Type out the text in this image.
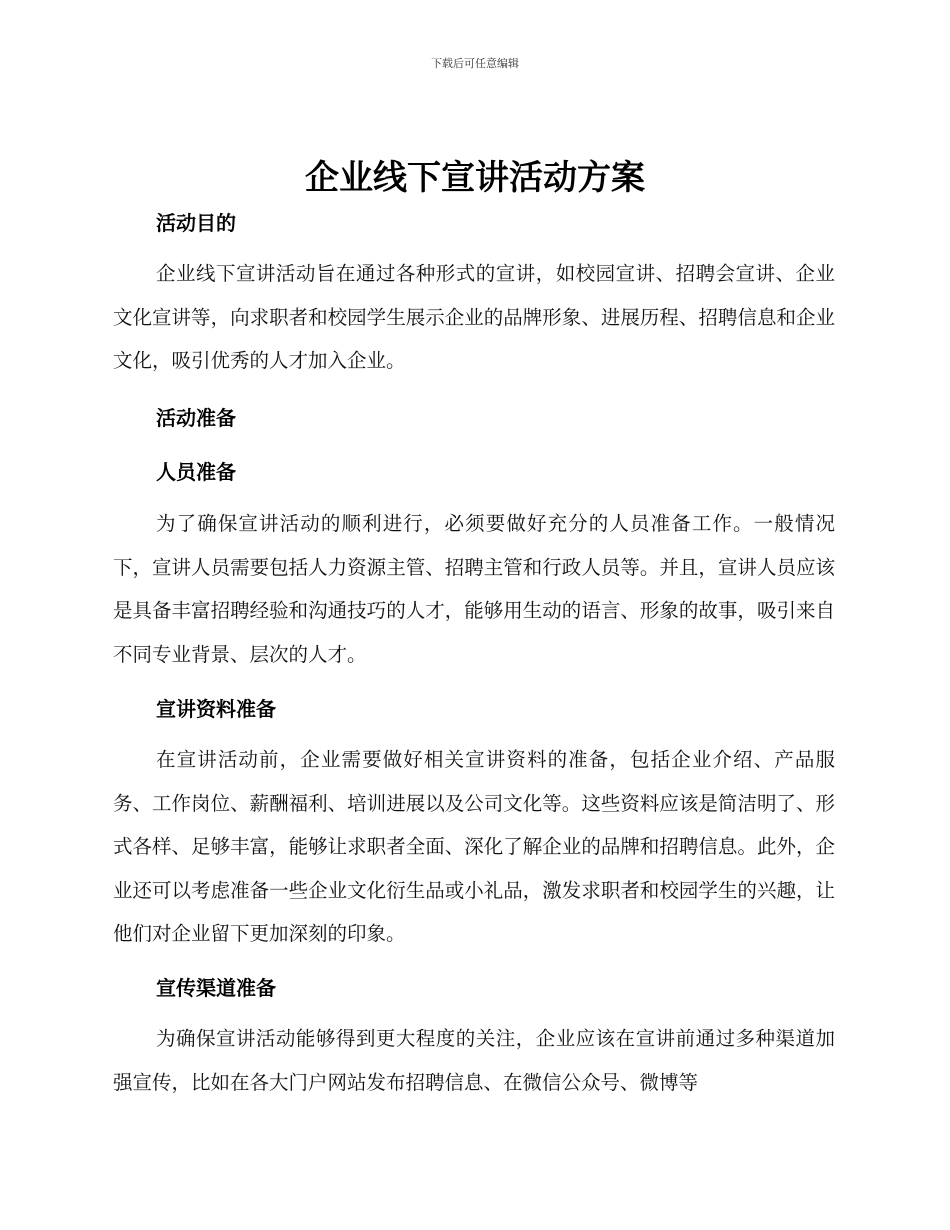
下载后可任意编辑
企业线下宣讲活动方案
活动目的

企业线下宣讲活动旨在通过各种形式的宣讲，如校园宣讲、招聘会宣讲、企业文化宣讲等，向求职者和校园学生展示企业的品牌形象、进展历程、招聘信息和企业文化，吸引优秀的人才加入企业。

活动准备
人员准备

为了确保宣讲活动的顺利进行，必须要做好充分的人员准备工作。一般情况下，宣讲人员需要包括人力资源主管、招聘主管和行政人员等。并且，宣讲人员应该是具备丰富招聘经验和沟通技巧的人才，能够用生动的语言、形象的故事，吸引来自不同专业背景、层次的人才。

宣讲资料准备

在宣讲活动前，企业需要做好相关宣讲资料的准备，包括企业介绍、产品服务、工作岗位、薪酬福利、培训进展以及公司文化等。这些资料应该是简洁明了、形式各样、足够丰富，能够让求职者全面、深化了解企业的品牌和招聘信息。此外，企业还可以考虑准备一些企业文化衍生品或小礼品，激发求职者和校园学生的兴趣，让他们对企业留下更加深刻的印象。

宣传渠道准备

为确保宣讲活动能够得到更大程度的关注，企业应该在宣讲前通过多种渠道加强宣传，比如在各大门户网站发布招聘信息、在微信公众号、微博等
